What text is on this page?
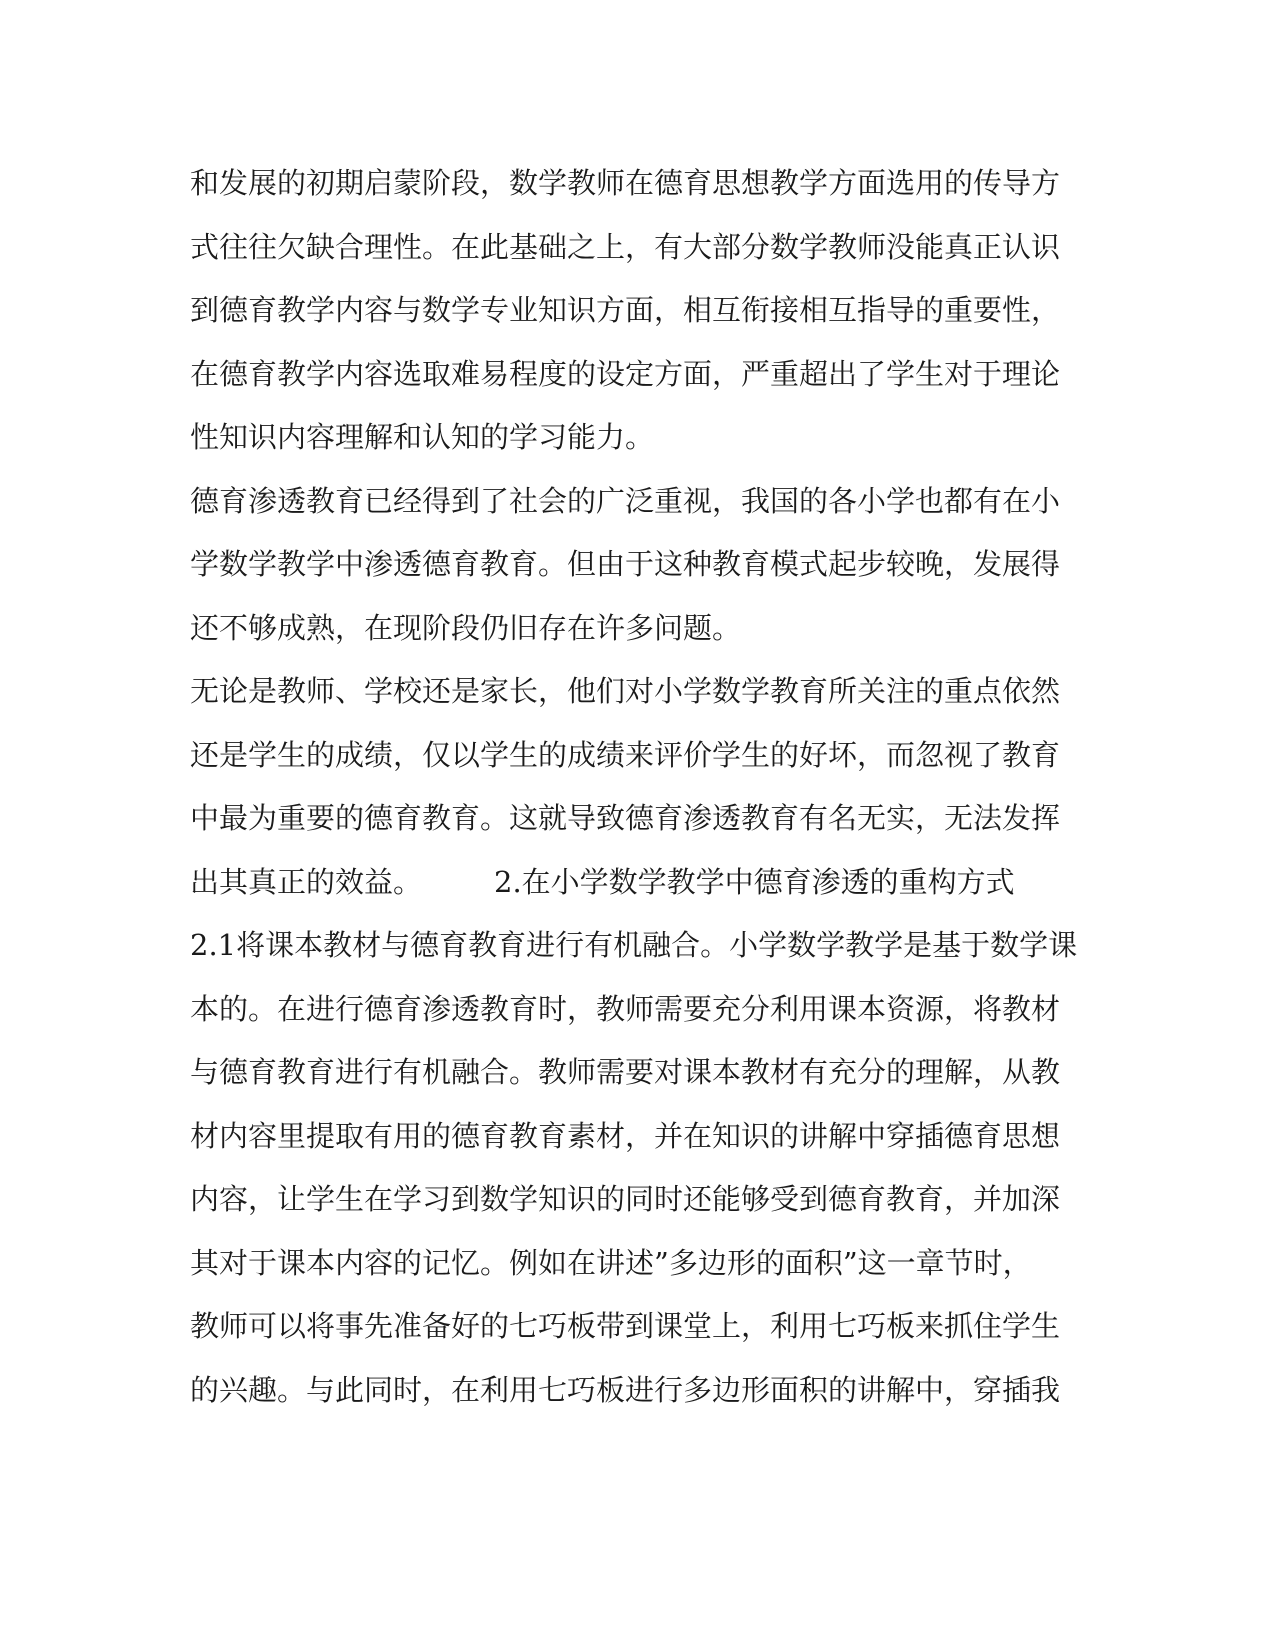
和发展的初期启蒙阶段，数学教师在德育思想教学方面选用的传导方
式往往欠缺合理性。在此基础之上，有大部分数学教师没能真正认识
到德育教学内容与数学专业知识方面，相互衔接相互指导的重要性，
在德育教学内容选取难易程度的设定方面，严重超出了学生对于理论
性知识内容理解和认知的学习能力。
德育渗透教育已经得到了社会的广泛重视，我国的各小学也都有在小
学数学教学中渗透德育教育。但由于这种教育模式起步较晚，发展得
还不够成熟，在现阶段仍旧存在许多问题。
无论是教师、学校还是家长，他们对小学数学教育所关注的重点依然
还是学生的成绩，仅以学生的成绩来评价学生的好坏，而忽视了教育
中最为重要的德育教育。这就导致德育渗透教育有名无实，无法发挥
出其真正的效益。 2.在小学数学教学中德育渗透的重构方式
2.1将课本教材与德育教育进行有机融合。小学数学教学是基于数学课
本的。在进行德育渗透教育时，教师需要充分利用课本资源，将教材
与德育教育进行有机融合。教师需要对课本教材有充分的理解，从教
材内容里提取有用的德育教育素材，并在知识的讲解中穿插德育思想
内容，让学生在学习到数学知识的同时还能够受到德育教育，并加深
其对于课本内容的记忆。例如在讲述”多边形的面积”这一章节时，
教师可以将事先准备好的七巧板带到课堂上，利用七巧板来抓住学生
的兴趣。与此同时，在利用七巧板进行多边形面积的讲解中，穿插我
